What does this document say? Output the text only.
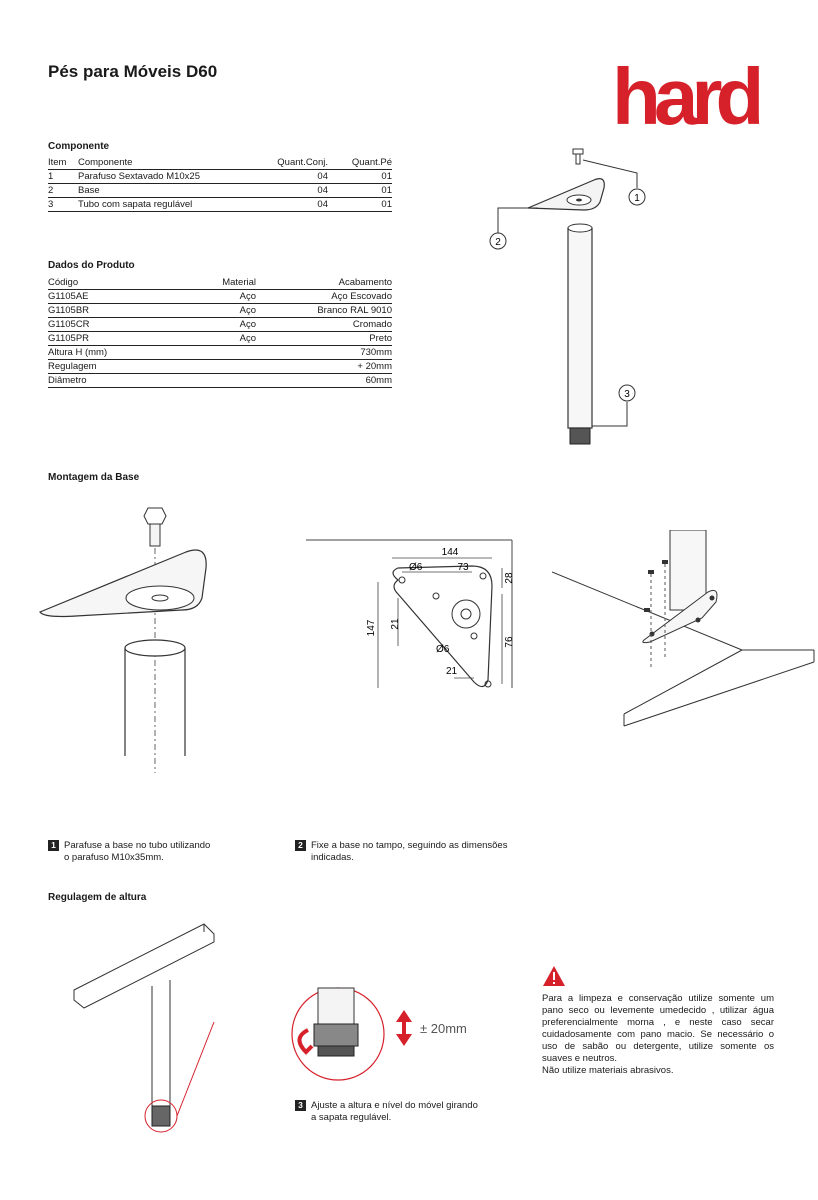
Pés para Móveis D60	hard
Componente
Item	Componente	Quant.Conj.	Quant.Pé
1	Parafuso Sextavado M10x25	04	01
2	Base	04	01
3	Tubo com sapata regulável	04	01
Dados do Produto
Código	Material	Acabamento
G1105AE	Aço	Aço Escovado
G1105BR	Aço	Branco RAL 9010
G1105CR	Aço	Cromado
G1105PR	Aço	Preto
Altura H (mm)		730mm
Regulagem		+ 20mm
Diâmetro		60mm
1
2
3
Montagem da Base
144
73
Ø6
28
147 21
76
Ø6
21
1 Parafuse a base no tubo utilizando
o parafuso M10x35mm.
2 Fixe a base no tampo, seguindo as dimensões
indicadas.
Regulagem de altura
± 20mm
3 Ajuste a altura e nível do móvel girando
a sapata regulável.
Para a limpeza e conservação utilize somente um pano seco ou levemente umedecido , utilizar água preferencialmente morna , e neste caso secar cuidadosamente com pano macio. Se necessário o uso de sabão ou detergente, utilize somente os suaves e neutros.
Não utilize materiais abrasivos.
